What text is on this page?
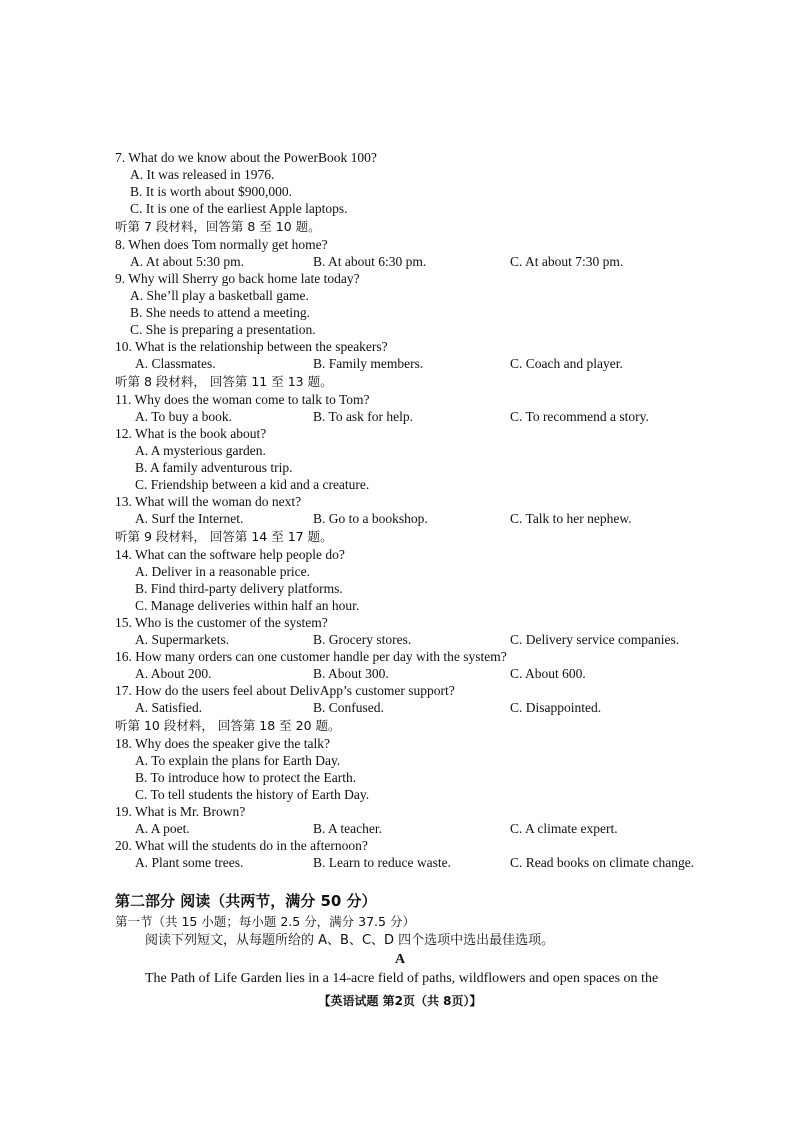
7. What do we know about the PowerBook 100?
A. It was released in 1976.
B. It is worth about $900,000.
C. It is one of the earliest Apple laptops.
听第 7 段材料，回答第 8 至 10 题。
8. When does Tom normally get home?
A. At about 5:30 pm.	B. At about 6:30 pm.	C. At about 7:30 pm.
9. Why will Sherry go back home late today?
A. She’ll play a basketball game.
B. She needs to attend a meeting.
C. She is preparing a presentation.
10. What is the relationship between the speakers?
A. Classmates.	B. Family members.	C. Coach and player.
听第 8 段材料， 回答第 11 至 13 题。
11. Why does the woman come to talk to Tom?
A. To buy a book.	B. To ask for help.	C. To recommend a story.
12. What is the book about?
A. A mysterious garden.
B. A family adventurous trip.
C. Friendship between a kid and a creature.
13. What will the woman do next?
A. Surf the Internet.	B. Go to a bookshop.	C. Talk to her nephew.
听第 9 段材料， 回答第 14 至 17 题。
14. What can the software help people do?
A. Deliver in a reasonable price.
B. Find third-party delivery platforms.
C. Manage deliveries within half an hour.
15. Who is the customer of the system?
A. Supermarkets.	B. Grocery stores.	C. Delivery service companies.
16. How many orders can one customer handle per day with the system?
A. About 200.	B. About 300.	C. About 600.
17. How do the users feel about DelivApp’s customer support?
A. Satisfied.	B. Confused.	C. Disappointed.
听第 10 段材料， 回答第 18 至 20 题。
18. Why does the speaker give the talk?
A. To explain the plans for Earth Day.
B. To introduce how to protect the Earth.
C. To tell students the history of Earth Day.
19. What is Mr. Brown?
A. A poet.	B. A teacher.	C. A climate expert.
20. What will the students do in the afternoon?
A. Plant some trees.	B. Learn to reduce waste.	C. Read books on climate change.
第二部分 阅读（共两节，满分 50 分）
第一节（共 15 小题；每小题 2.5 分，满分 37.5 分）
阅读下列短文，从每题所给的 A、B、C、D 四个选项中选出最佳选项。
A
The Path of Life Garden lies in a 14-acre field of paths, wildflowers and open spaces on the
【英语试题 第2页（共 8页）】
